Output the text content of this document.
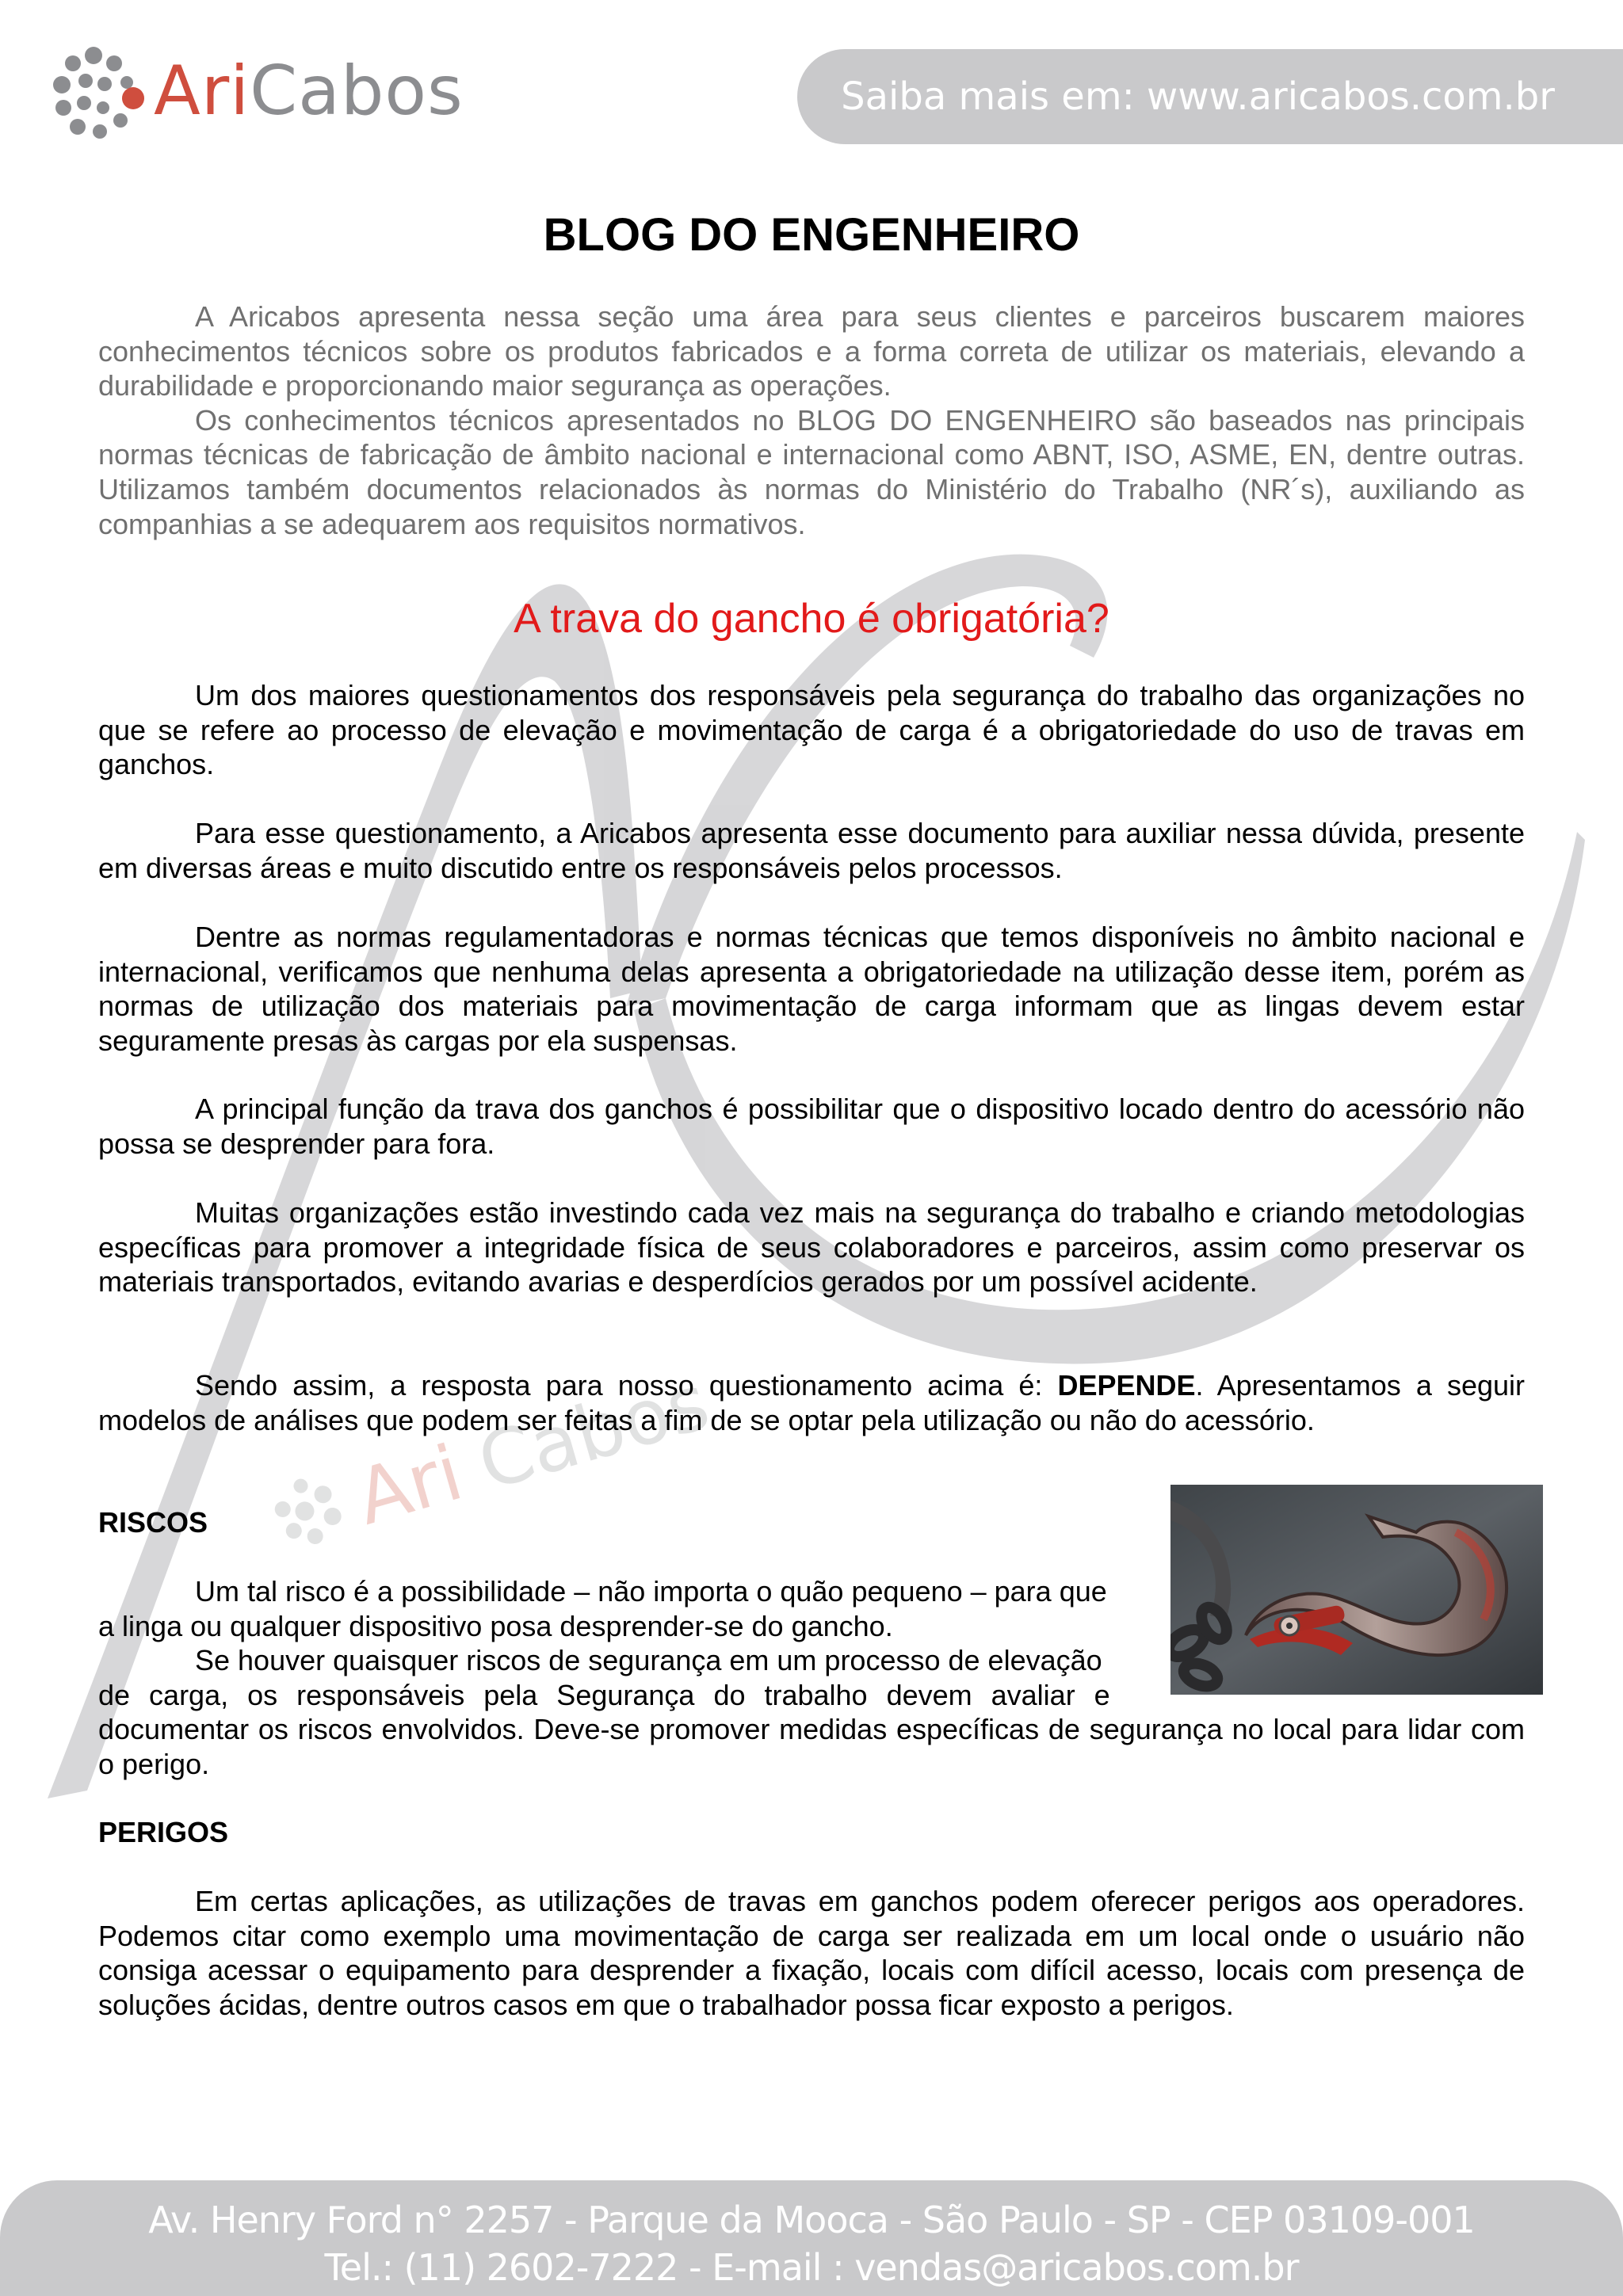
Ari
Cabos
AriCabos	Saiba mais em: www.aricabos.com.br
BLOG DO ENGENHEIRO

A Aricabos apresenta nessa seção uma área para seus clientes e parceiros buscarem maiores conhecimentos técnicos sobre os produtos fabricados e a forma correta de utilizar os materiais, elevando a durabilidade e proporcionando maior segurança as operações.

Os conhecimentos técnicos apresentados no BLOG DO ENGENHEIRO são baseados nas principais normas técnicas de fabricação de âmbito nacional e internacional como ABNT, ISO, ASME, EN, dentre outras. Utilizamos também documentos relacionados às normas do Ministério do Trabalho (NR´s), auxiliando as companhias a se adequarem aos requisitos normativos.

A trava do gancho é obrigatória?

Um dos maiores questionamentos dos responsáveis pela segurança do trabalho das organizações no que se refere ao processo de elevação e movimentação de carga é a obrigatoriedade do uso de travas em ganchos.

Para esse questionamento, a Aricabos apresenta esse documento para auxiliar nessa dúvida, presente em diversas áreas e muito discutido entre os responsáveis pelos processos.

Dentre as normas regulamentadoras e normas técnicas que temos disponíveis no âmbito nacional e internacional, verificamos que nenhuma delas apresenta a obrigatoriedade na utilização desse item, porém as normas de utilização dos materiais para movimentação de carga informam que as lingas devem estar seguramente presas às cargas por ela suspensas.

A principal função da trava dos ganchos é possibilitar que o dispositivo locado dentro do acessório não possa se desprender para fora.

Muitas organizações estão investindo cada vez mais na segurança do trabalho e criando metodologias específicas para promover a integridade física de seus colaboradores e parceiros, assim como preservar os materiais transportados, evitando avarias e desperdícios gerados por um possível acidente.

Sendo assim, a resposta para nosso questionamento acima é: DEPENDE. Apresentamos a seguir modelos de análises que podem ser feitas a fim de se optar pela utilização ou não do acessório.

RISCOS
Um tal risco é a possibilidade – não importa o quão pequeno – para que
a linga ou qualquer dispositivo posa desprender-se do gancho.
Se houver quaisquer riscos de segurança em um processo de elevação
de carga, os responsáveis pela Segurança do trabalho devem avaliar e

documentar os riscos envolvidos. Deve-se promover medidas específicas de segurança no local para lidar com o perigo.

PERIGOS

Em certas aplicações, as utilizações de travas em ganchos podem oferecer perigos aos operadores. Podemos citar como exemplo uma movimentação de carga ser realizada em um local onde o usuário não consiga acessar o equipamento para desprender a fixação, locais com difícil acesso, locais com presença de soluções ácidas, dentre outros casos em que o trabalhador possa ficar exposto a perigos.

Av. Henry Ford n° 2257 - Parque da Mooca - São Paulo - SP - CEP 03109-001
Tel.: (11) 2602-7222 - E-mail : vendas@aricabos.com.br
